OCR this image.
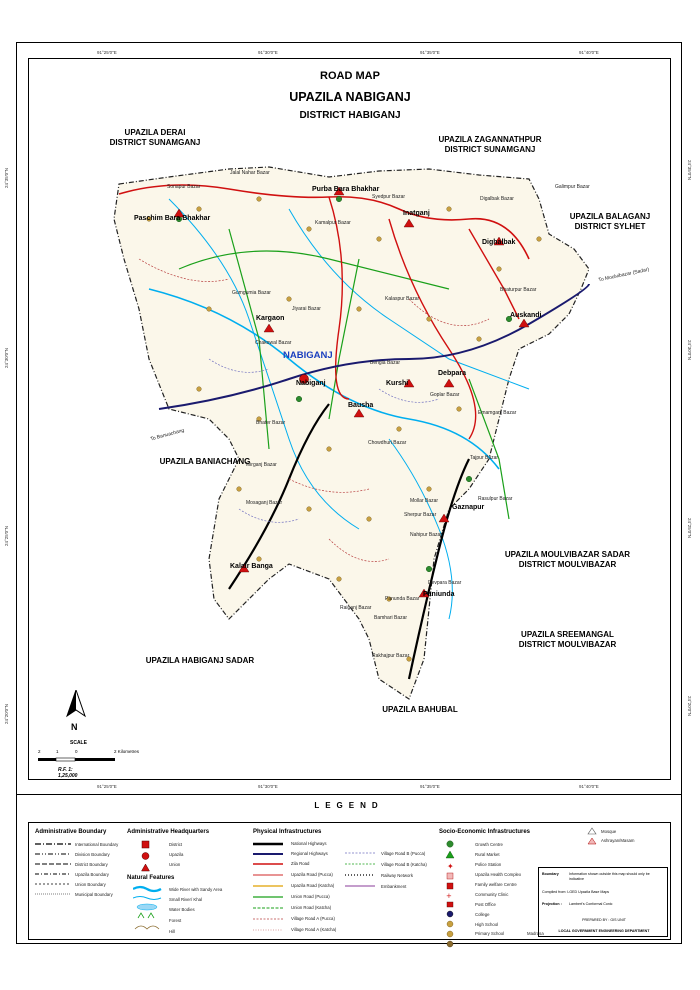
91°25'0"E	91°30'0"E	91°35'0"E	91°40'0"E
91°25'0"E	91°30'0"E	91°35'0"E	91°40'0"E
24°35'0"N
24°30'0"N
24°25'0"N
24°20'0"N
24°35'0"N
24°30'0"N
24°25'0"N
24°20'0"N
ROAD MAP
UPAZILA NABIGANJ
DISTRICT HABIGANJ
UPAZILA DERAI
DISTRICT SUNAMGANJ	UPAZILA ZAGANNATHPUR
DISTRICT SUNAMGANJ
UPAZILA BALAGANJ
DISTRICT SYLHET
UPAZILA BANIACHANG
UPAZILA MOULVIBAZAR SADAR
DISTRICT MOULVIBAZAR
UPAZILA SREEMANGAL
DISTRICT MOULVIBAZAR
UPAZILA HABIGANJ SADAR
UPAZILA BAHUBAL
Purba Bara Bhakhar
Paschim Bara Bhakhar
Inatganj
Dighalbak
Auskandi
Kargaon
Nabiganj	Kurshi
Debpara
Bausha
Gaznapur
Kalair Banga
Paniunda
NABIGANJ
Sonapur Bazar
Jalal Nahar Bazar
Syedpur Bazar
Kamalpur Bazar
Galimpur Bazar
Digalbak Bazar
Bhaturpur Bazar
Gumgumia Bazar
Kalaspur Bazar
Jiyarai Bazar
Chakowal Bazar
Bengla Bazar
Goplar Bazar
Emamganj Bazar
Bhater Bazar
Chowdhuri Bazar
Mirganj Bazar
Mosaganj Bazar
Tajpur Bazar
Mollar Bazar	Rasulpur Bazar
Sherpur Bazar
Nahipur Bazar
Devpara Bazar
Raiganj Bazar
Bamhari Bazar
Panunda Bazar
Rakhajpur Bazar
To Banuachang
To Moulvibazar (Sadar)
N
SCALE
2	1	0	2 Kilometres
R.F. 1: 1,25,000
LEGEND
Administrative Boundary
International Boundary
Division Boundary
District Boundary
Upazila Boundary
Union Boundary
Municipal Boundary
Administrative Headquarters
District
Upazila
Union
Natural Features
Wide River with Sandy Area
Small River/ Khal
Water Bodies
Forest
Hill
Physical Infrastructures
National Highways
Regional Highways
Zila Road
Upazila Road (Pucca)
Upazila Road (Katcha)
Union Road (Pucca)
Union Road (Katcha)
Village Road A (Pucca)
Village Road A (Katcha)
Village Road B (Pucca)
Village Road B (Katcha)
Railway Network
Embankment
Socio-Economic Infrastructures
✦
+
Growth Centre
Rural Market
Police Station
Upazila Health Complex
Family welfare Centre
Community Clinic
Post Office
College
High School
Primary School	Madrasa
Mosque
Ashrayan/Masam
Boundary	Information shown outside this map should only be indicative
Compiled from: LGED Upazila Base Maps
Projection : Lambert's Conformal Conic
PREPARED BY : GIS UNIT
LOCAL GOVERNMENT ENGINEERING DEPARTMENT
